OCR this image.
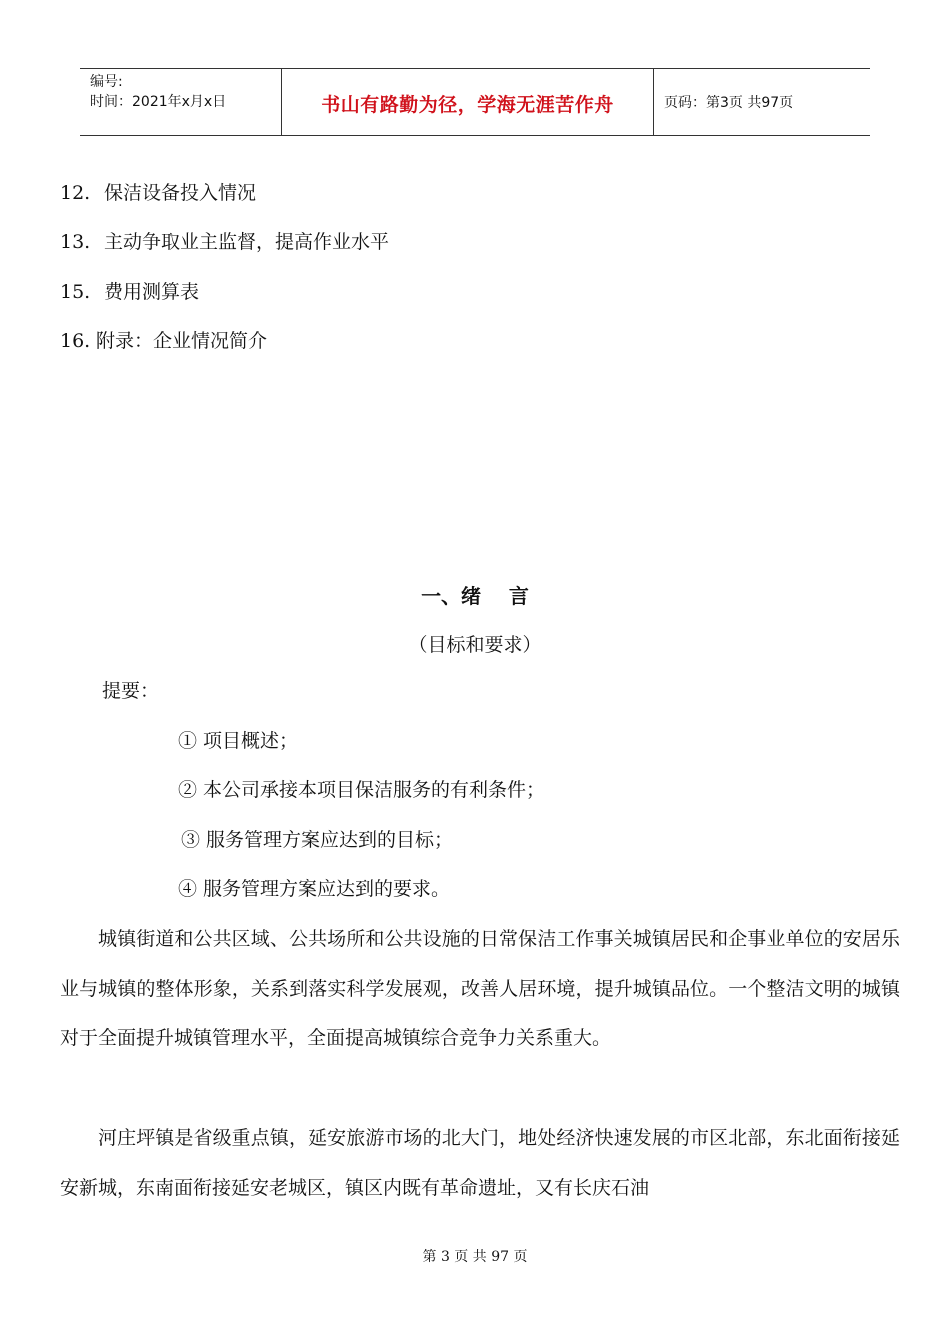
编号:
时间：2021年x月x日	书山有路勤为径，学海无涯苦作舟	页码：第3页 共97页
12. 保洁设备投入情况
13. 主动争取业主监督，提高作业水平
15. 费用测算表
16. 附录：企业情况简介
一、绪    言
（目标和要求）
提要：
① 项目概述；
② 本公司承接本项目保洁服务的有利条件；
③ 服务管理方案应达到的目标；
④ 服务管理方案应达到的要求。
城镇街道和公共区域、公共场所和公共设施的日常保洁工作事关城镇居民和企事业单位的安居乐业与城镇的整体形象，关系到落实科学发展观，改善人居环境，提升城镇品位。一个整洁文明的城镇对于全面提升城镇管理水平，全面提高城镇综合竞争力关系重大。
河庄坪镇是省级重点镇，延安旅游市场的北大门，地处经济快速发展的市区北部，东北面衔接延安新城，东南面衔接延安老城区，镇区内既有革命遗址，又有长庆石油
第 3 页 共 97 页
